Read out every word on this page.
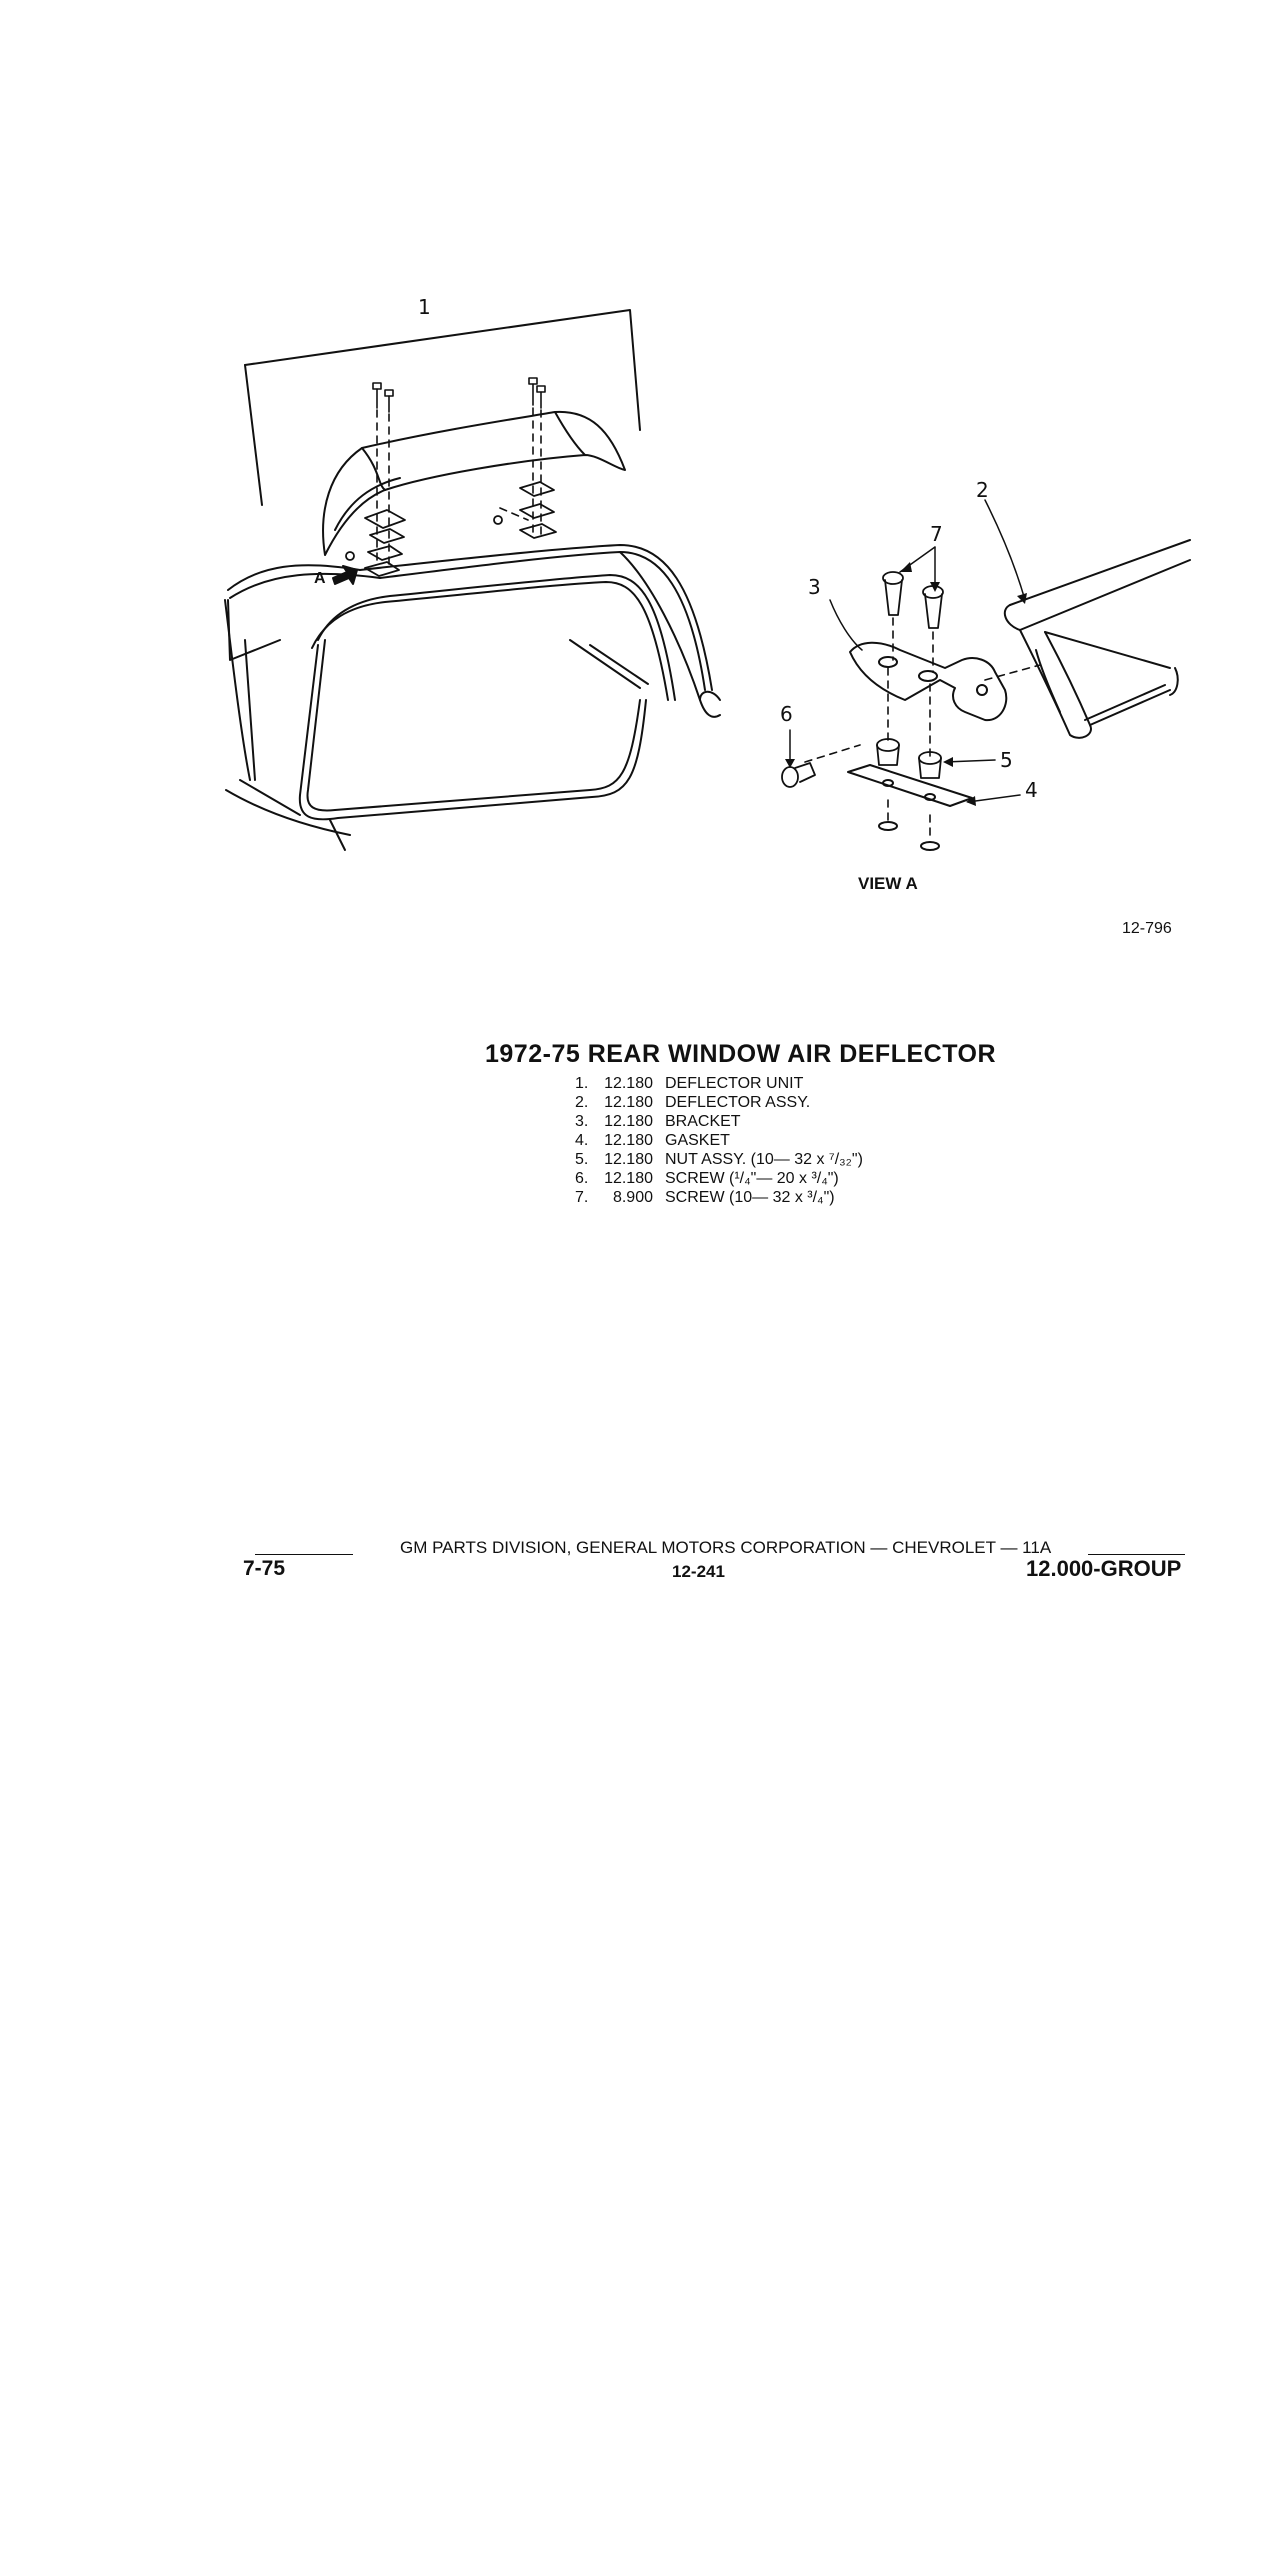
1
2
3
4
5
6
7
A
VIEW A
12-796
1972-75 REAR WINDOW AIR DEFLECTOR
1. 12.180 DEFLECTOR UNIT
2. 12.180 DEFLECTOR ASSY.
3. 12.180 BRACKET
4. 12.180 GASKET
5. 12.180 NUT ASSY. (10— 32 x ⁷/₃₂")
6. 12.180 SCREW (¹/₄"— 20 x ³/₄")
7.	8.900 SCREW (10— 32 x ³/₄")
GM PARTS DIVISION, GENERAL MOTORS CORPORATION — CHEVROLET — 11A
7-75	12-241	12.000-GROUP
